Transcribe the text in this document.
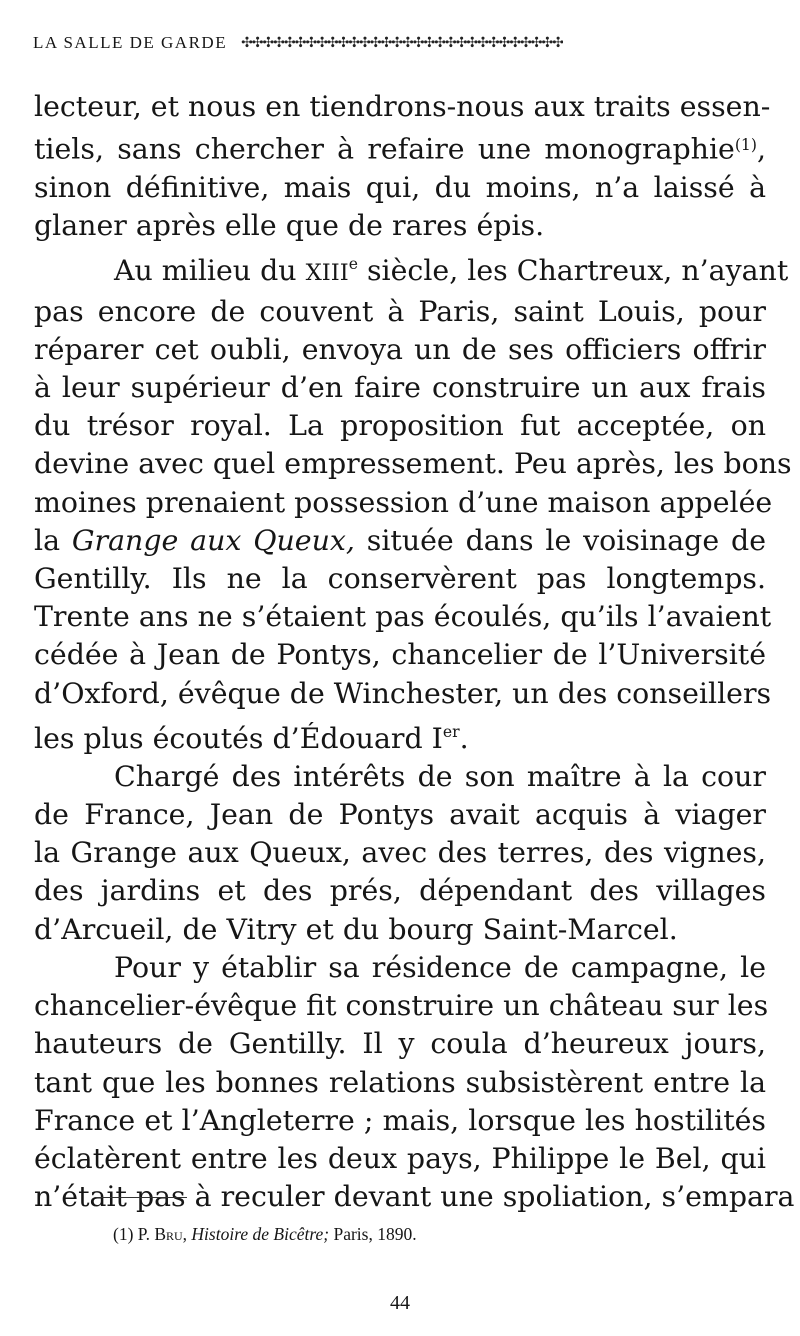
LA SALLE DE GARDE ✣✣✣✣✣✣✣✣✣✣✣✣✣✣✣✣✣✣✣✣✣✣✣✣✣✣✣✣✣✣

lecteur, et nous en tiendrons-nous aux traits essen-
tiels, sans chercher à refaire une monographie$^{(1)}$,
sinon définitive, mais qui, du moins, n’a laissé à
glaner après elle que de rares épis.

Au milieu du XIIIe siècle, les Chartreux, n’ayant
pas encore de couvent à Paris, saint Louis, pour
réparer cet oubli, envoya un de ses officiers offrir
à leur supérieur d’en faire construire un aux frais
du trésor royal. La proposition fut acceptée, on
devine avec quel empressement. Peu après, les bons
moines prenaient possession d’une maison appelée
la Grange aux Queux, située dans le voisinage de
Gentilly. Ils ne la conservèrent pas longtemps.
Trente ans ne s’étaient pas écoulés, qu’ils l’avaient
cédée à Jean de Pontys, chancelier de l’Université
d’Oxford, évêque de Winchester, un des conseillers
les plus écoutés d’Édouard Ier.

Chargé des intérêts de son maître à la cour
de France, Jean de Pontys avait acquis à viager
la Grange aux Queux, avec des terres, des vignes,
des jardins et des prés, dépendant des villages
d’Arcueil, de Vitry et du bourg Saint-Marcel.

Pour y établir sa résidence de campagne, le
chancelier-évêque fit construire un château sur les
hauteurs de Gentilly. Il y coula d’heureux jours,
tant que les bonnes relations subsistèrent entre la
France et l’Angleterre ; mais, lorsque les hostilités
éclatèrent entre les deux pays, Philippe le Bel, qui
n’était pas à reculer devant une spoliation, s’empara

(1) P. Bru, Histoire de Bicêtre; Paris, 1890.
44
